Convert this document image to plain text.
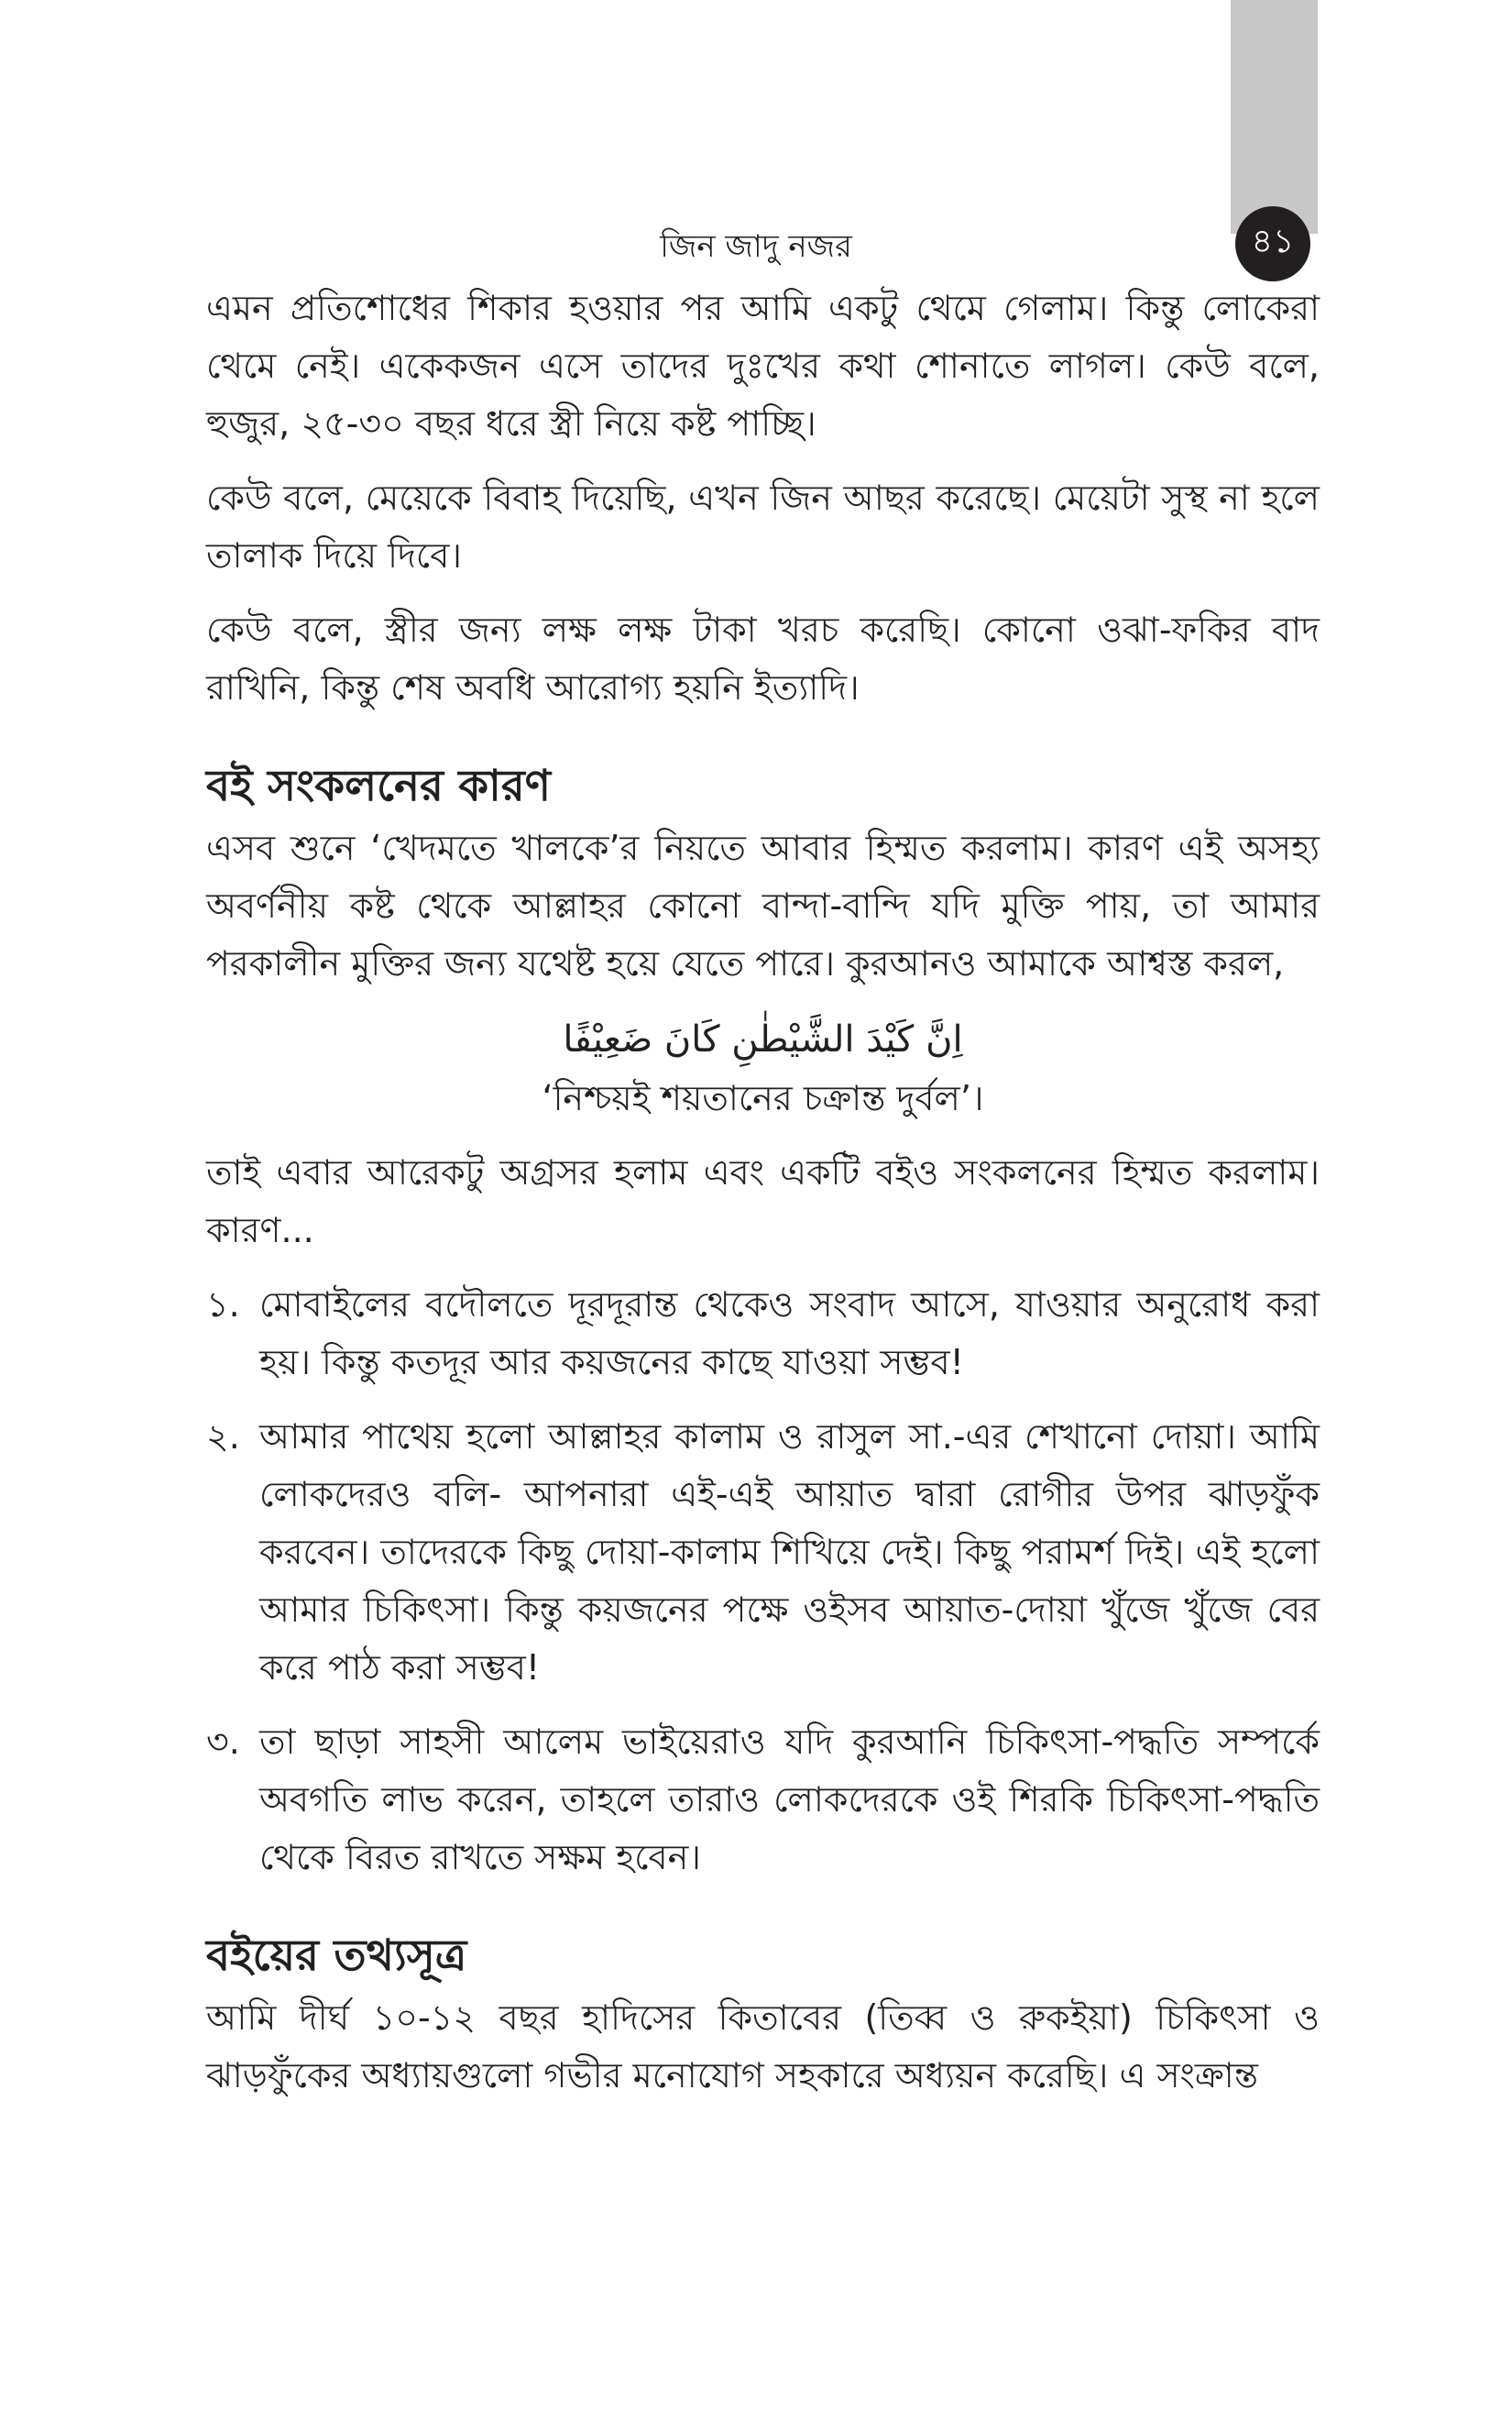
৪১
জিন জাদু নজর

এমন প্রতিশোধের শিকার হওয়ার পর আমি একটু থেমে গেলাম। কিন্তু লোকেরা থেমে নেই। একেকজন এসে তাদের দুঃখের কথা শোনাতে লাগল। কেউ বলে, হুজুর, ২৫-৩০ বছর ধরে স্ত্রী নিয়ে কষ্ট পাচ্ছি।

কেউ বলে, মেয়েকে বিবাহ দিয়েছি, এখন জিন আছর করেছে। মেয়েটা সুস্থ না হলে তালাক দিয়ে দিবে।

কেউ বলে, স্ত্রীর জন্য লক্ষ লক্ষ টাকা খরচ করেছি। কোনো ওঝা-ফকির বাদ রাখিনি, কিন্তু শেষ অবধি আরোগ্য হয়নি ইত্যাদি।

বই সংকলনের কারণ

এসব শুনে ‘খেদমতে খালকে’র নিয়তে আবার হিম্মত করলাম। কারণ এই অসহ্য অবর্ণনীয় কষ্ট থেকে আল্লাহর কোনো বান্দা-বান্দি যদি মুক্তি পায়, তা আমার পরকালীন মুক্তির জন্য যথেষ্ট হয়ে যেতে পারে। কুরআনও আমাকে আশ্বস্ত করল,

اِنَّ كَيْدَ الشَّيْطٰنِ كَانَ ضَعِيْفًا
‘নিশ্চয়ই শয়তানের চক্রান্ত দুর্বল’।

তাই এবার আরেকটু অগ্রসর হলাম এবং একটি বইও সংকলনের হিম্মত করলাম। কারণ...

১. মোবাইলের বদৌলতে দূরদূরান্ত থেকেও সংবাদ আসে, যাওয়ার অনুরোধ করা হয়। কিন্তু কতদূর আর কয়জনের কাছে যাওয়া সম্ভব!
২. আমার পাথেয় হলো আল্লাহর কালাম ও রাসুল সা.-এর শেখানো দোয়া। আমি লোকদেরও বলি- আপনারা এই-এই আয়াত দ্বারা রোগীর উপর ঝাড়ফুঁক করবেন। তাদেরকে কিছু দোয়া-কালাম শিখিয়ে দেই। কিছু পরামর্শ দিই। এই হলো আমার চিকিৎসা। কিন্তু কয়জনের পক্ষে ওইসব আয়াত-দোয়া খুঁজে খুঁজে বের করে পাঠ করা সম্ভব!
৩. তা ছাড়া সাহসী আলেম ভাইয়েরাও যদি কুরআনি চিকিৎসা-পদ্ধতি সম্পর্কে অবগতি লাভ করেন, তাহলে তারাও লোকদেরকে ওই শিরকি চিকিৎসা-পদ্ধতি থেকে বিরত রাখতে সক্ষম হবেন।
বইয়ের তথ্যসূত্র

আমি দীর্ঘ ১০-১২ বছর হাদিসের কিতাবের (তিব্ব ও রুকইয়া) চিকিৎসা ও ঝাড়ফুঁকের অধ্যায়গুলো গভীর মনোযোগ সহকারে অধ্যয়ন করেছি। এ সংক্রান্ত
